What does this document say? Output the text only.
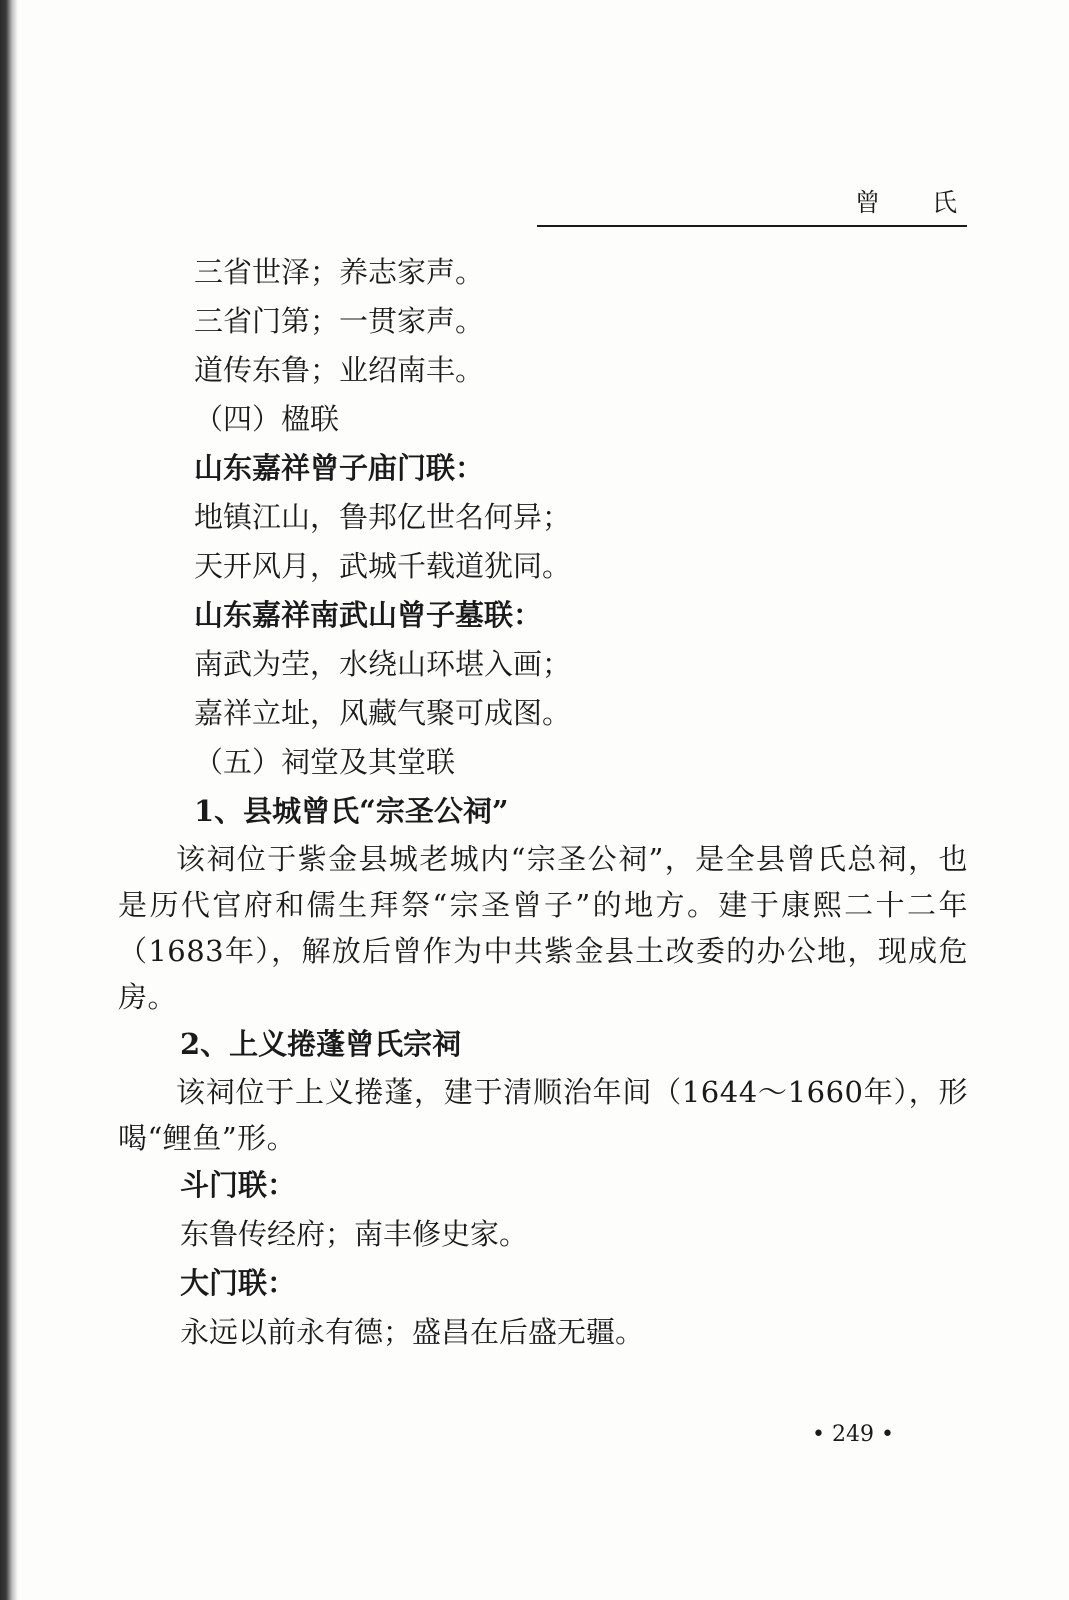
曾 氏
三省世泽；养志家声。
三省门第；一贯家声。
道传东鲁；业绍南丰。
（四）楹联
山东嘉祥曾子庙门联：
地镇江山，鲁邦亿世名何异；
天开风月，武城千载道犹同。
山东嘉祥南武山曾子墓联：
南武为茔，水绕山环堪入画；
嘉祥立址，风藏气聚可成图。
（五）祠堂及其堂联
1、县城曾氏“宗圣公祠”

该祠位于紫金县城老城内“宗圣公祠”，是全县曾氏总祠，也是历代官府和儒生拜祭“宗圣曾子”的地方。建于康熙二十二年（1683年），解放后曾作为中共紫金县土改委的办公地，现成危房。

2、上义捲蓬曾氏宗祠

该祠位于上义捲蓬，建于清顺治年间（1644～1660年），形喝“鲤鱼”形。

斗门联：
东鲁传经府；南丰修史家。
大门联：
永远以前永有德；盛昌在后盛无疆。
• 249 •
